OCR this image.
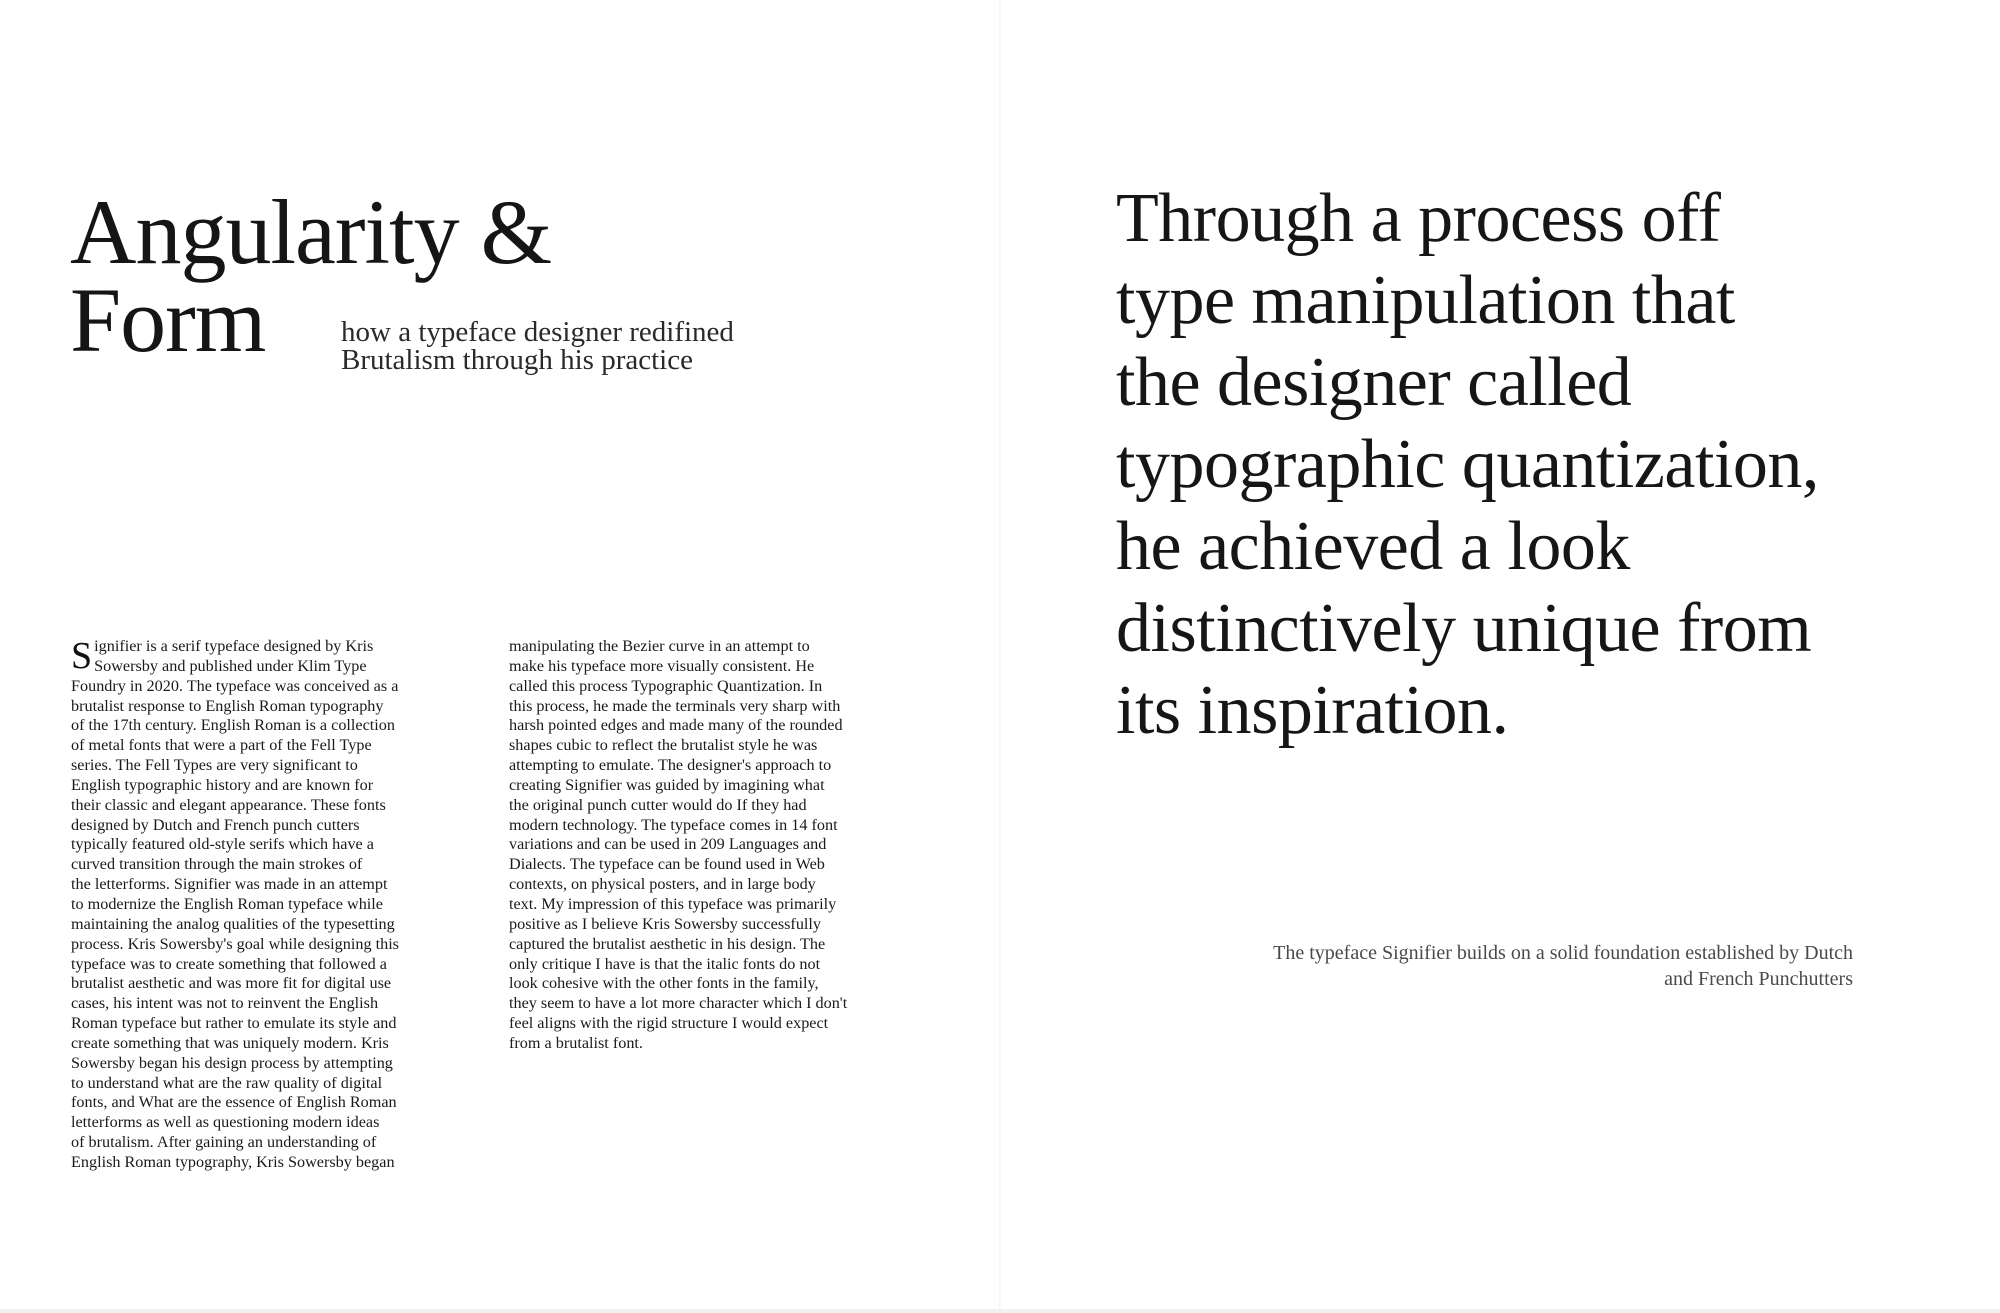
Angularity &
Form	how a typeface designer redifined
Brutalism through his practice
S ignifier is a serif typeface designed by Kris
Sowersby and published under Klim Type
Foundry in 2020. The typeface was conceived as a
brutalist response to English Roman typography
of the 17th century. English Roman is a collection
of metal fonts that were a part of the Fell Type
series. The Fell Types are very significant to
English typographic history and are known for
their classic and elegant appearance. These fonts
designed by Dutch and French punch cutters
typically featured old-style serifs which have a
curved transition through the main strokes of
the letterforms. Signifier was made in an attempt
to modernize the English Roman typeface while
maintaining the analog qualities of the typesetting
process. Kris Sowersby's goal while designing this
typeface was to create something that followed a
brutalist aesthetic and was more fit for digital use
cases, his intent was not to reinvent the English
Roman typeface but rather to emulate its style and
create something that was uniquely modern. Kris
Sowersby began his design process by attempting
to understand what are the raw quality of digital
fonts, and What are the essence of English Roman
letterforms as well as questioning modern ideas
of brutalism. After gaining an understanding of
English Roman typography, Kris Sowersby began
manipulating the Bezier curve in an attempt to
make his typeface more visually consistent. He
called this process Typographic Quantization. In
this process, he made the terminals very sharp with
harsh pointed edges and made many of the rounded
shapes cubic to reflect the brutalist style he was
attempting to emulate. The designer's approach to
creating Signifier was guided by imagining what
the original punch cutter would do If they had
modern technology. The typeface comes in 14 font
variations and can be used in 209 Languages and
Dialects. The typeface can be found used in Web
contexts, on physical posters, and in large body
text. My impression of this typeface was primarily
positive as I believe Kris Sowersby successfully
captured the brutalist aesthetic in his design. The
only critique I have is that the italic fonts do not
look cohesive with the other fonts in the family,
they seem to have a lot more character which I don't
feel aligns with the rigid structure I would expect
from a brutalist font.
Through a process off
type manipulation that
the designer called
typographic quantization,
he achieved a look
distinctively unique from
its inspiration.
The typeface Signifier builds on a solid foundation established by Dutch
and French Punchutters
